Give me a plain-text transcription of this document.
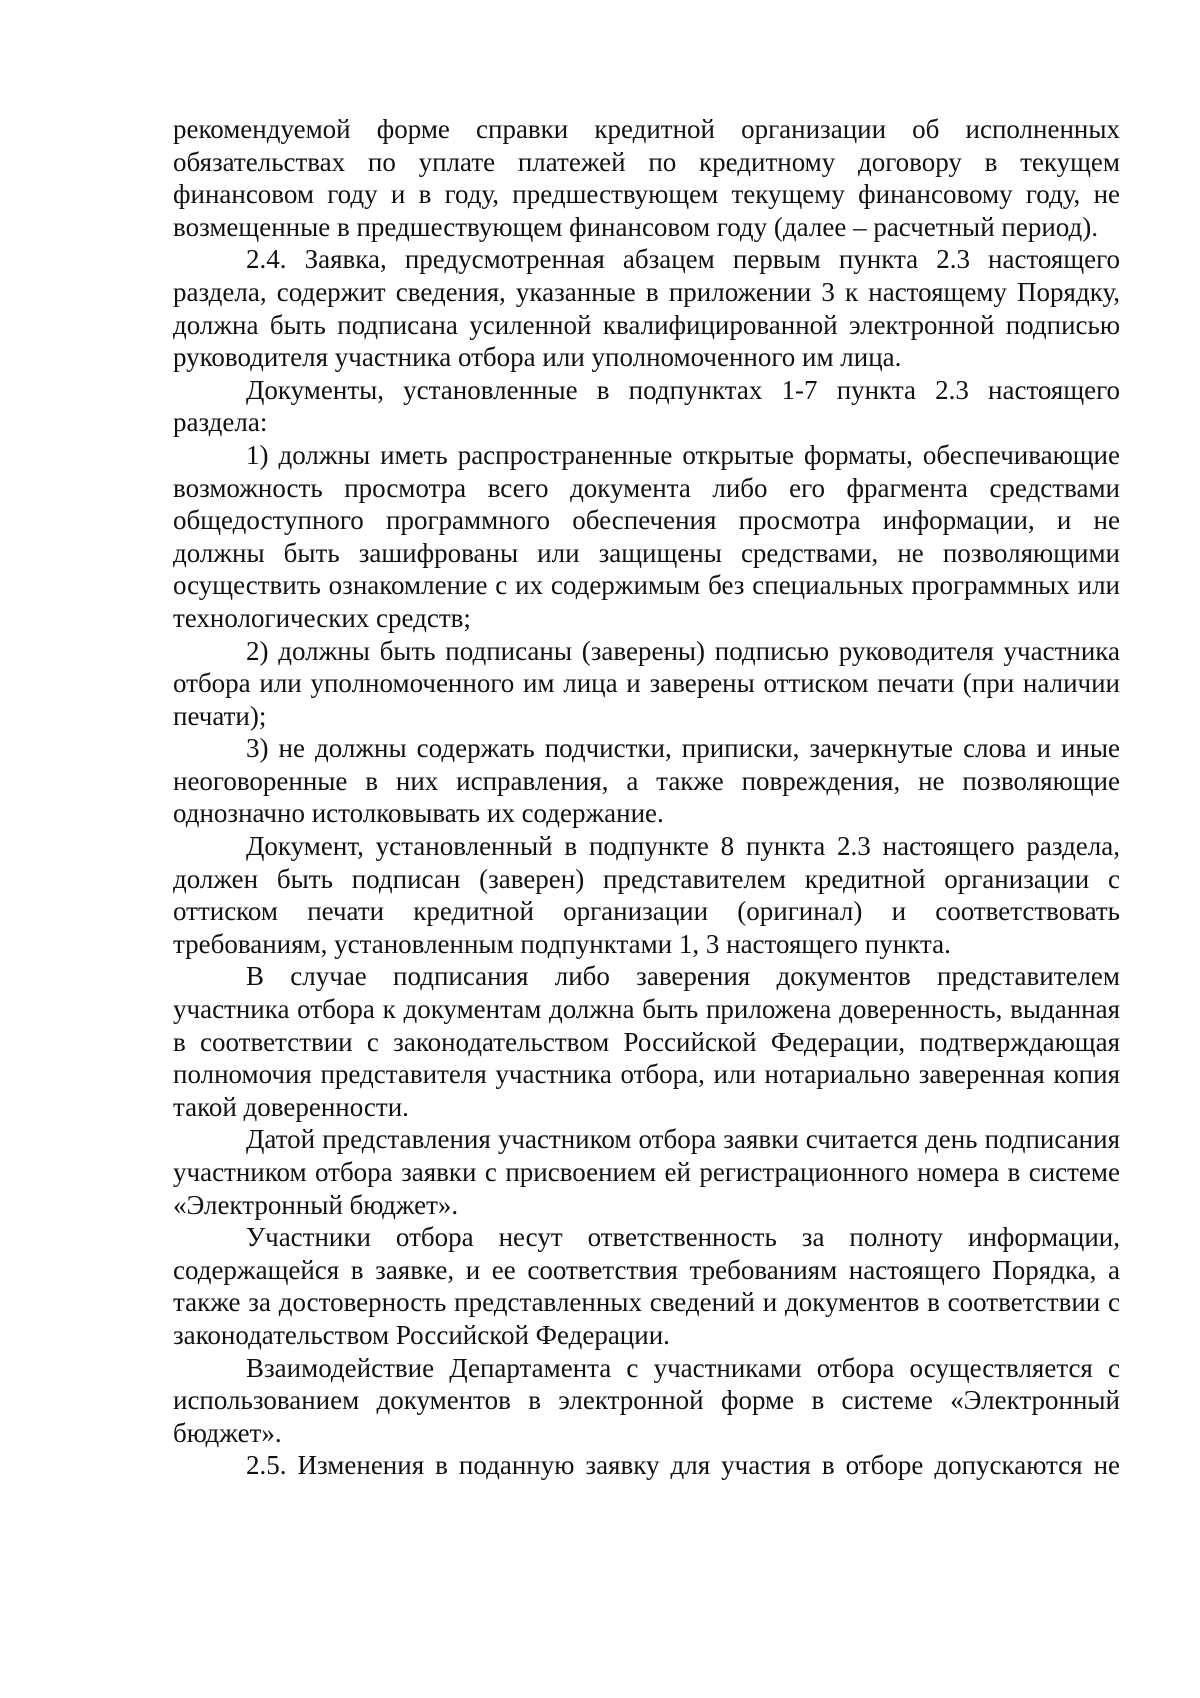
рекомендуемой форме справки кредитной организации об исполненных обязательствах по уплате платежей по кредитному договору в текущем финансовом году и в году, предшествующем текущему финансовому году, не возмещенные в предшествующем финансовом году (далее – расчетный период).

2.4. Заявка, предусмотренная абзацем первым пункта 2.3 настоящего раздела, содержит сведения, указанные в приложении 3 к настоящему Порядку, должна быть подписана усиленной квалифицированной электронной подписью руководителя участника отбора или уполномоченного им лица.

Документы, установленные в подпунктах 1-7 пункта 2.3 настоящего раздела:

1) должны иметь распространенные открытые форматы, обеспечивающие возможность просмотра всего документа либо его фрагмента средствами общедоступного программного обеспечения просмотра информации, и не должны быть зашифрованы или защищены средствами, не позволяющими осуществить ознакомление с их содержимым без специальных программных или технологических средств;

2) должны быть подписаны (заверены) подписью руководителя участника отбора или уполномоченного им лица и заверены оттиском печати (при наличии печати);

3) не должны содержать подчистки, приписки, зачеркнутые слова и иные неоговоренные в них исправления, а также повреждения, не позволяющие однозначно истолковывать их содержание.

Документ, установленный в подпункте 8 пункта 2.3 настоящего раздела, должен быть подписан (заверен) представителем кредитной организации с оттиском печати кредитной организации (оригинал) и соответствовать требованиям, установленным подпунктами 1, 3 настоящего пункта.

В случае подписания либо заверения документов представителем участника отбора к документам должна быть приложена доверенность, выданная в соответствии с законодательством Российской Федерации, подтверждающая полномочия представителя участника отбора, или нотариально заверенная копия такой доверенности.

Датой представления участником отбора заявки считается день подписания участником отбора заявки с присвоением ей регистрационного номера в системе «Электронный бюджет».

Участники отбора несут ответственность за полноту информации, содержащейся в заявке, и ее соответствия требованиям настоящего Порядка, а также за достоверность представленных сведений и документов в соответствии с законодательством Российской Федерации.

Взаимодействие Департамента с участниками отбора осуществляется с использованием документов в электронной форме в системе «Электронный бюджет».

2.5. Изменения в поданную заявку для участия в отборе допускаются не
